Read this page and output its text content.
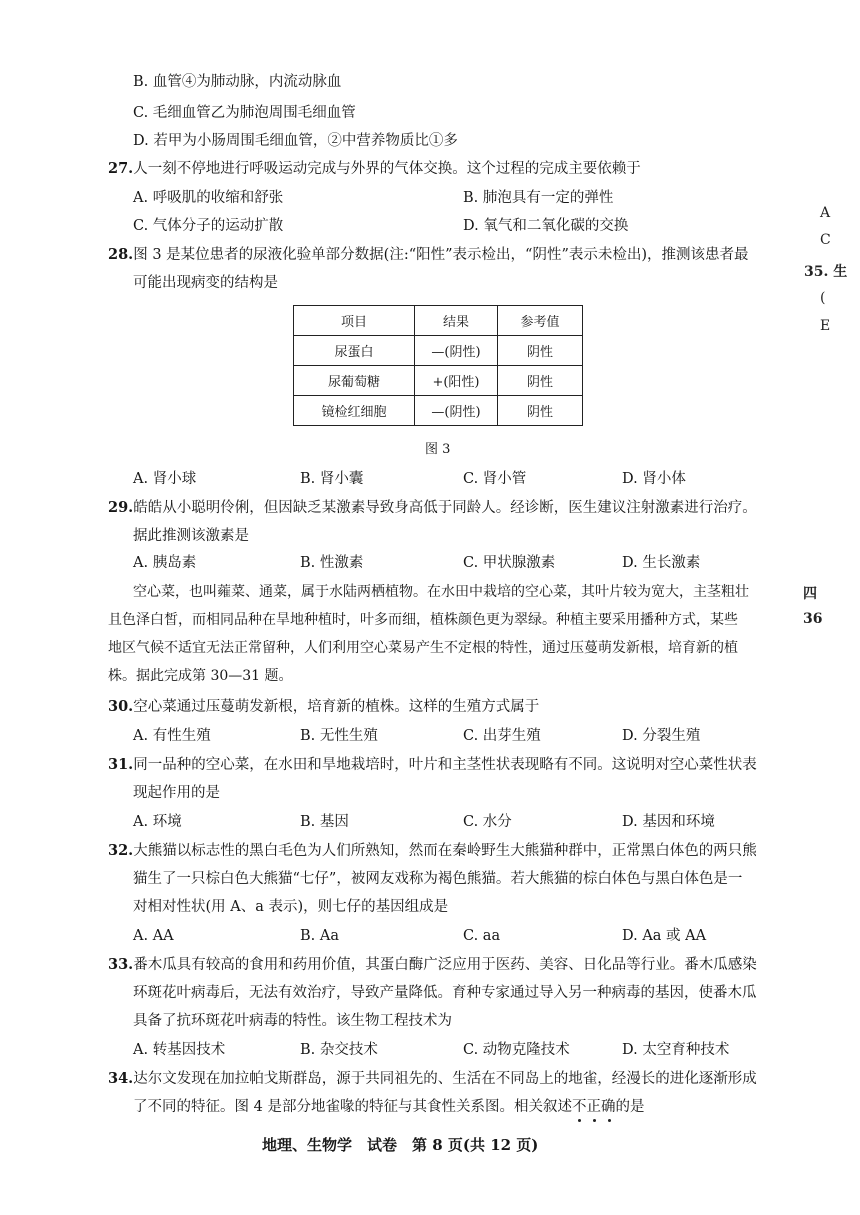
B. 血管④为肺动脉，内流动脉血
C. 毛细血管乙为肺泡周围毛细血管
D. 若甲为小肠周围毛细血管，②中营养物质比①多
27.人一刻不停地进行呼吸运动完成与外界的气体交换。这个过程的完成主要依赖于
A. 呼吸肌的收缩和舒张	B. 肺泡具有一定的弹性
C. 气体分子的运动扩散	D. 氧气和二氧化碳的交换
28.图 3 是某位患者的尿液化验单部分数据(注:“阳性”表示检出，“阴性”表示未检出)，推测该患者最
可能出现病变的结构是
项目	结果	参考值
尿蛋白	—(阴性)	阴性
尿葡萄糖	+(阳性)	阴性
镜检红细胞	—(阴性)	阴性
图 3
A. 肾小球	B. 肾小囊	C. 肾小管	D. 肾小体
29.皓皓从小聪明伶俐，但因缺乏某激素导致身高低于同龄人。经诊断，医生建议注射激素进行治疗。
据此推测该激素是
A. 胰岛素	B. 性激素	C. 甲状腺激素	D. 生长激素
空心菜，也叫蕹菜、通菜，属于水陆两栖植物。在水田中栽培的空心菜，其叶片较为宽大，主茎粗壮
且色泽白皙，而相同品种在旱地种植时，叶多而细，植株颜色更为翠绿。种植主要采用播种方式，某些
地区气候不适宜无法正常留种，人们利用空心菜易产生不定根的特性，通过压蔓萌发新根，培育新的植
株。据此完成第 30—31 题。
30.空心菜通过压蔓萌发新根，培育新的植株。这样的生殖方式属于
A. 有性生殖	B. 无性生殖	C. 出芽生殖	D. 分裂生殖
31.同一品种的空心菜，在水田和旱地栽培时，叶片和主茎性状表现略有不同。这说明对空心菜性状表
现起作用的是
A. 环境	B. 基因	C. 水分	D. 基因和环境
32.大熊猫以标志性的黑白毛色为人们所熟知，然而在秦岭野生大熊猫种群中，正常黑白体色的两只熊
猫生了一只棕白色大熊猫“七仔”，被网友戏称为褐色熊猫。若大熊猫的棕白体色与黑白体色是一
对相对性状(用 A、a 表示)，则七仔的基因组成是
A. AA	B. Aa	C. aa	D. Aa 或 AA
33.番木瓜具有较高的食用和药用价值，其蛋白酶广泛应用于医药、美容、日化品等行业。番木瓜感染
环斑花叶病毒后，无法有效治疗，导致产量降低。育种专家通过导入另一种病毒的基因，使番木瓜
具备了抗环斑花叶病毒的特性。该生物工程技术为
A. 转基因技术	B. 杂交技术	C. 动物克隆技术	D. 太空育种技术
34.达尔文发现在加拉帕戈斯群岛，源于共同祖先的、生活在不同岛上的地雀，经漫长的进化逐渐形成
了不同的特征。图 4 是部分地雀喙的特征与其食性关系图。相关叙述不正确
的是
地理、生物学　试卷　第 8 页(共 12 页)
A
C
35. 生
(
E
四
36
